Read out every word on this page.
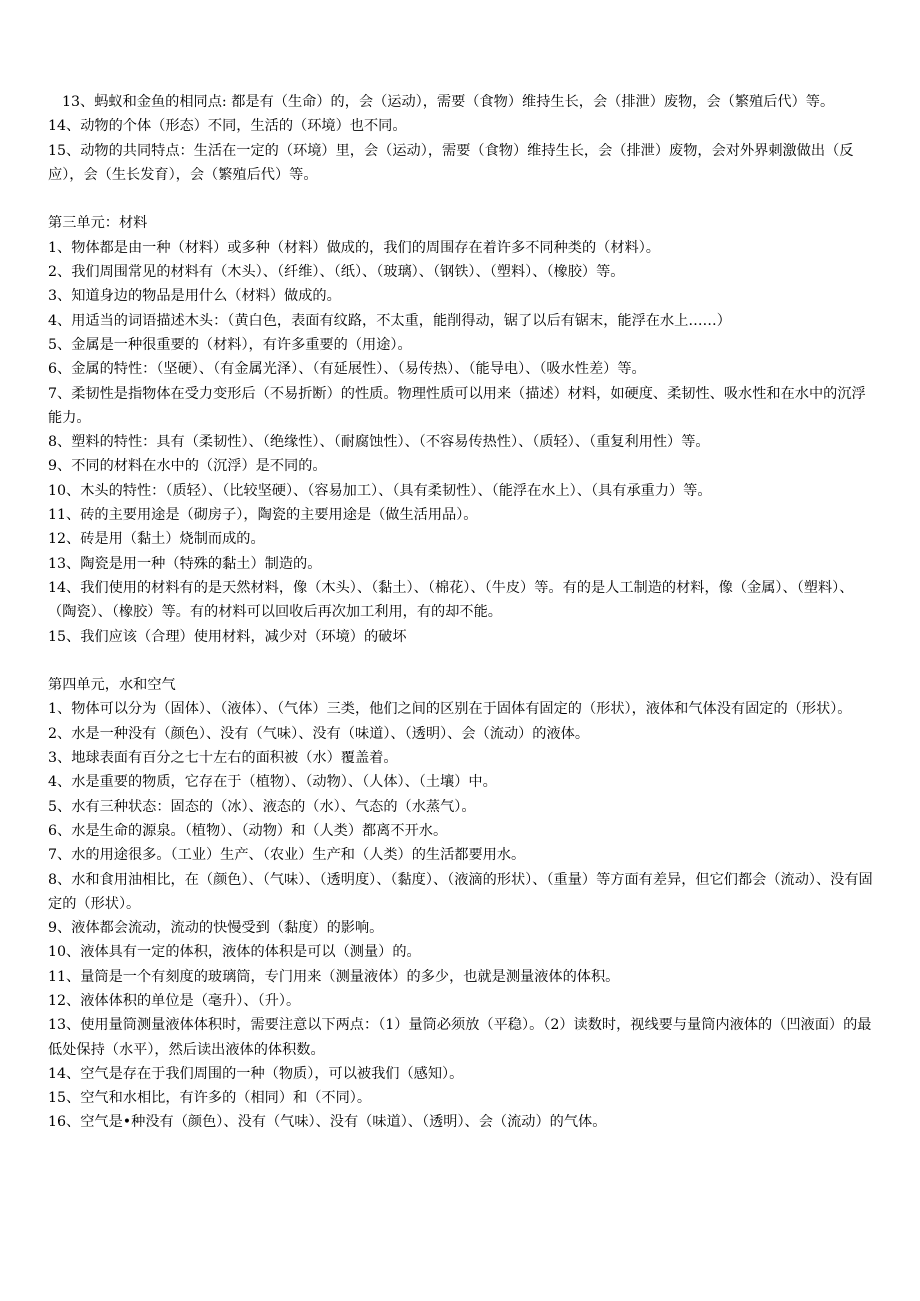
13、蚂蚁和金鱼的相同点: 都是有（生命）的，会（运动），需要（食物）维持生长，会（排泄）废物，会（繁殖后代）等。

14、动物的个体（形态）不同，生活的（环境）也不同。

15、动物的共同特点：生活在一定的（环境）里，会（运动），需要（食物）维持生长，会（排泄）废物，会对外界刺激做出（反应），会（生长发育），会（繁殖后代）等。

第三单元：材料

1、物体都是由一种（材料）或多种（材料）做成的，我们的周围存在着许多不同种类的（材料）。

2、我们周围常见的材料有（木头）、（纤维）、（纸）、（玻璃）、（钢铁）、（塑料）、（橡胶）等。

3、知道身边的物品是用什么（材料）做成的。

4、用适当的词语描述木头：（黄白色，表面有纹路，不太重，能削得动，锯了以后有锯末，能浮在水上……）

5、金属是一种很重要的（材料），有许多重要的（用途）。

6、金属的特性：（坚硬）、（有金属光泽）、（有延展性）、（易传热）、（能导电）、（吸水性差）等。

7、柔韧性是指物体在受力变形后（不易折断）的性质。物理性质可以用来（描述）材料，如硬度、柔韧性、吸水性和在水中的沉浮能力。

8、塑料的特性：具有（柔韧性）、（绝缘性）、（耐腐蚀性）、（不容易传热性）、（质轻）、（重复利用性）等。

9、不同的材料在水中的（沉浮）是不同的。

10、木头的特性：（质轻）、（比较坚硬）、（容易加工）、（具有柔韧性）、（能浮在水上）、（具有承重力）等。

11、砖的主要用途是（砌房子），陶瓷的主要用途是（做生活用品）。

12、砖是用（黏土）烧制而成的。

13、陶瓷是用一种（特殊的黏土）制造的。

14、我们使用的材料有的是天然材料，像（木头）、（黏土）、（棉花）、（牛皮）等。有的是人工制造的材料，像（金属）、（塑料）、（陶瓷）、（橡胶）等。有的材料可以回收后再次加工利用，有的却不能。

15、我们应该（合理）使用材料，减少对（环境）的破坏

第四单元，水和空气

1、物体可以分为（固体）、（液体）、（气体）三类，他们之间的区别在于固体有固定的（形状），液体和气体没有固定的（形状）。

2、水是一种没有（颜色）、没有（气味）、没有（味道）、（透明）、会（流动）的液体。

3、地球表面有百分之七十左右的面积被（水）覆盖着。

4、水是重要的物质，它存在于（植物）、（动物）、（人体）、（土壤）中。

5、水有三种状态：固态的（冰）、液态的（水）、气态的（水蒸气）。

6、水是生命的源泉。（植物）、（动物）和（人类）都离不开水。

7、水的用途很多。（工业）生产、（农业）生产和（人类）的生活都要用水。

8、水和食用油相比，在（颜色）、（气味）、（透明度）、（黏度）、（液滴的形状）、（重量）等方面有差异，但它们都会（流动）、没有固定的（形状）。

9、液体都会流动，流动的快慢受到（黏度）的影响。

10、液体具有一定的体积，液体的体积是可以（测量）的。

11、量筒是一个有刻度的玻璃筒，专门用来（测量液体）的多少，也就是测量液体的体积。

12、液体体积的单位是（毫升）、（升）。

13、使用量筒测量液体体积时，需要注意以下两点：（1）量筒必须放（平稳）。（2）读数时，视线要与量筒内液体的（凹液面）的最低处保持（水平），然后读出液体的体积数。

14、空气是存在于我们周围的一种（物质），可以被我们（感知）。

15、空气和水相比，有许多的（相同）和（不同）。

16、空气是•种没有（颜色）、没有（气味）、没有（味道）、（透明）、会（流动）的气体。
